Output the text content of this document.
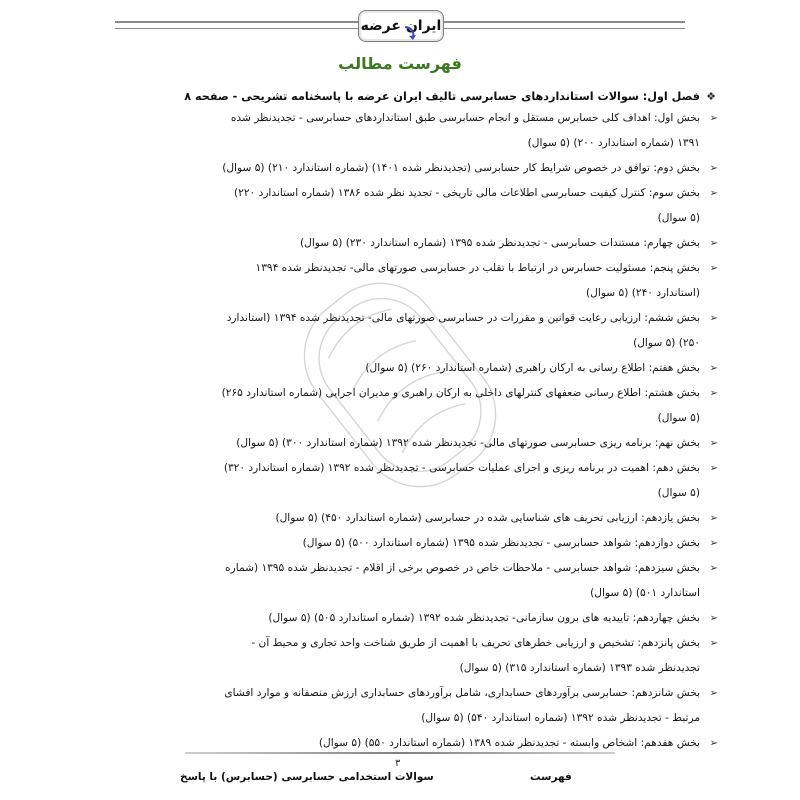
ایران عرضه
فهرست مطالب
❖
فصل اول: سوالات استانداردهای حسابرسی تالیف ایران عرضه با پاسخنامه تشریحی - صفحه ۸
➢
بخش اول: اهداف کلی حسابرس مستقل و انجام حسابرسی طبق استانداردهای حسابرسی - تجدیدنظر شده
۱۳۹۱ (شماره استاندارد ۲۰۰) (۵ سوال)
➢
بخش دوم: توافق در خصوص شرایط کار حسابرسی (تجدیدنظر شده ۱۴۰۱) (شماره استاندارد ۲۱۰) (۵ سوال)
➢
بخش سوم: کنترل کیفیت حسابرسی اطلاعات مالی تاریخی - تجدید نظر شده ۱۳۸۶ (شماره استاندارد ۲۲۰)
(۵ سوال)
➢
بخش چهارم: مستندات حسابرسی - تجدیدنظر شده ۱۳۹۵ (شماره استاندارد ۲۳۰) (۵ سوال)
➢
بخش پنجم: مسئولیت حسابرس در ارتباط با تقلب در حسابرسی صورتهای مالی- تجدیدنظر شده ۱۳۹۴
(استاندارد ۲۴۰) (۵ سوال)
➢
بخش ششم: ارزیابی رعایت قوانین و مقررات در حسابرسی صورتهای مالی- تجدیدنظر شده ۱۳۹۴ (استاندارد
۲۵۰) (۵ سوال)
➢
بخش هفتم: اطلاع رسانی به ارکان راهبری (شماره استاندارد ۲۶۰) (۵ سوال)
➢
بخش هشتم: اطلاع رسانی ضعفهای کنترلهای داخلی به ارکان راهبری و مدیران اجرایی (شماره استاندارد ۲۶۵)
(۵ سوال)
➢
بخش نهم: برنامه ریزی حسابرسی صورتهای مالی- تجدیدنظر شده ۱۳۹۲ (شماره استاندارد ۳۰۰) (۵ سوال)
➢
بخش دهم: اهمیت در برنامه ریزی و اجرای عملیات حسابرسی - تجدیدنظر شده ۱۳۹۲ (شماره استاندارد ۳۲۰)
(۵ سوال)
➢
بخش یازدهم: ارزیابی تحریف های شناسایی شده در حسابرسی (شماره استاندارد ۴۵۰) (۵ سوال)
➢
بخش دوازدهم: شواهد حسابرسی - تجدیدنظر شده ۱۳۹۵ (شماره استاندارد ۵۰۰) (۵ سوال)
➢
بخش سیزدهم: شواهد حسابرسی - ملاحظات خاص در خصوص برخی از اقلام - تجدیدنظر شده ۱۳۹۵ (شماره
استاندارد ۵۰۱) (۵ سوال)
➢
بخش چهاردهم: تاییدیه های برون سازمانی- تجدیدنظر شده ۱۳۹۲ (شماره استاندارد ۵۰۵) (۵ سوال)
➢
بخش پانزدهم: تشخیص و ارزیابی خطرهای تحریف با اهمیت از طریق شناخت واحد تجاری و محیط آن -
تجدیدنظر شده ۱۳۹۳ (شماره استاندارد ۳۱۵) (۵ سوال)
➢
بخش شانزدهم: حسابرسی برآوردهای حسابداری، شامل برآوردهای حسابداری ارزش منصفانه و موارد افشای
مرتبط - تجدیدنظر شده ۱۳۹۲ (شماره استاندارد ۵۴۰) (۵ سوال)
➢
بخش هفدهم: اشخاص وابسته - تجدیدنظر شده ۱۳۸۹ (شماره استاندارد ۵۵۰) (۵ سوال)
۳
سوالات استخدامی حسابرسی (حسابرس) با پاسخ	فهرست
